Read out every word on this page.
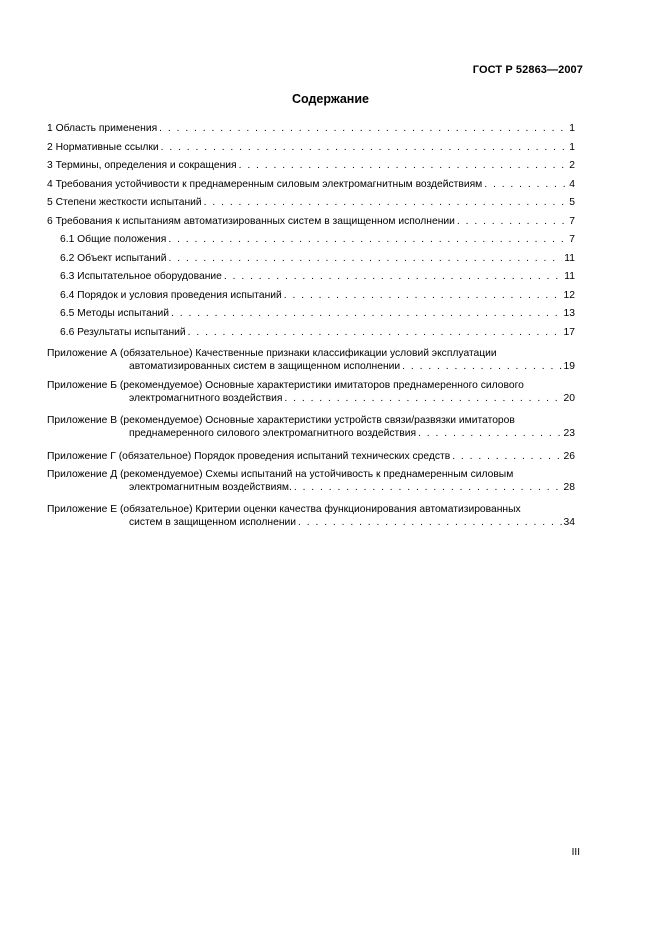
ГОСТ Р 52863—2007
Содержание
1 Область применения . . .	1
2 Нормативные ссылки . . .	1
3 Термины, определения и сокращения . . .	2
4 Требования устойчивости к преднамеренным силовым электромагнитным воздействиям . . .	4
5 Степени жесткости испытаний . . .	5
6 Требования к испытаниям автоматизированных систем в защищенном исполнении . . .	7
6.1 Общие положения . . .	7
6.2 Объект испытаний . . .	11
6.3 Испытательное оборудование . . .	11
6.4 Порядок и условия проведения испытаний . . .	12
6.5 Методы испытаний . . .	13
6.6 Результаты испытаний . . .	17
Приложение А (обязательное) Качественные признаки классификации условий эксплуатации
автоматизированных систем в защищенном исполнении . . .	19
Приложение Б (рекомендуемое) Основные характеристики имитаторов преднамеренного силового
электромагнитного воздействия . . .	20
Приложение В (рекомендуемое) Основные характеристики устройств связи/развязки имитаторов
преднамеренного силового электромагнитного воздействия . . .	23
Приложение Г (обязательное) Порядок проведения испытаний технических средств . . .	26
Приложение Д (рекомендуемое) Схемы испытаний на устойчивость к преднамеренным силовым
электромагнитным воздействиям. . . .	28
Приложение Е (обязательное) Критерии оценки качества функционирования автоматизированных
систем в защищенном исполнении . . .	34
III
